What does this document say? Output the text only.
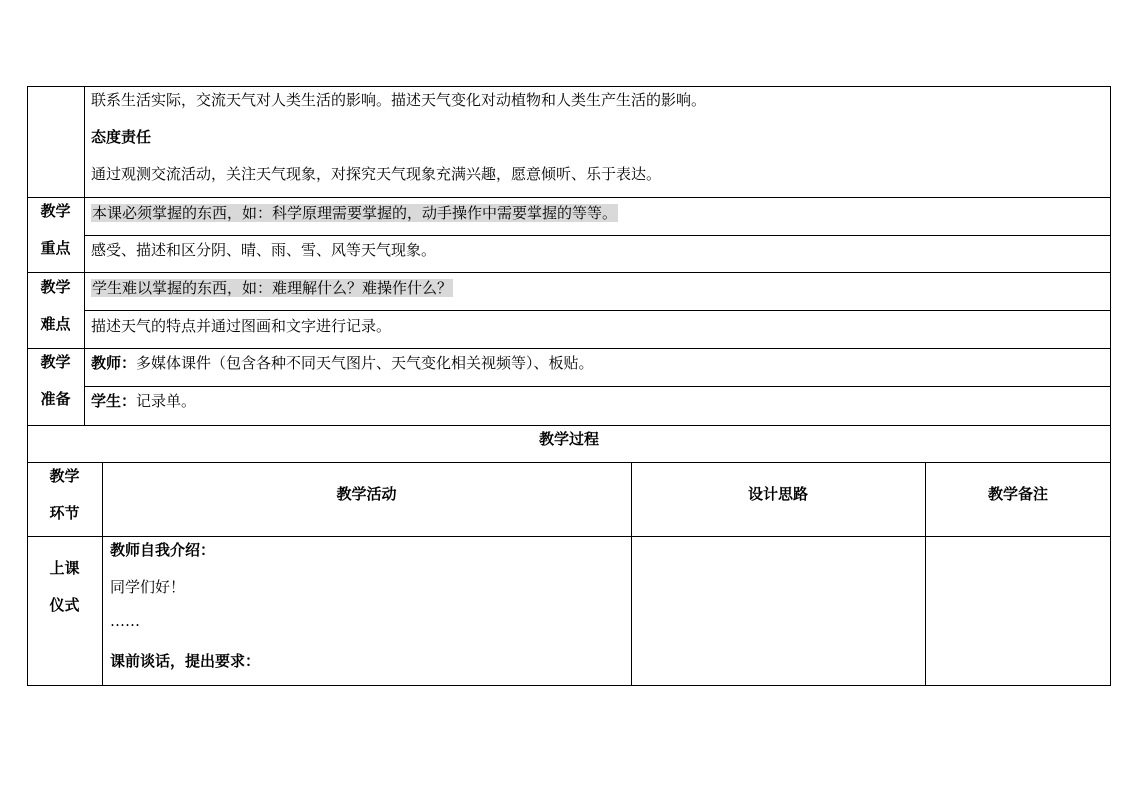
联系生活实际，交流天气对人类生活的影响。描述天气变化对动植物和人类生产生活的影响。
态度责任
通过观测交流活动，关注天气现象，对探究天气现象充满兴趣，愿意倾听、乐于表达。
教学
重点
本课必须掌握的东西，如：科学原理需要掌握的，动手操作中需要掌握的等等。
感受、描述和区分阴、晴、雨、雪、风等天气现象。
教学
难点
学生难以掌握的东西，如：难理解什么？难操作什么？
描述天气的特点并通过图画和文字进行记录。
教学
准备
教师：多媒体课件（包含各种不同天气图片、天气变化相关视频等）、板贴。
学生：记录单。
教学过程
教学
环节
教学活动	设计思路	教学备注
上课
仪式
教师自我介绍：
同学们好！
……
课前谈话，提出要求：
